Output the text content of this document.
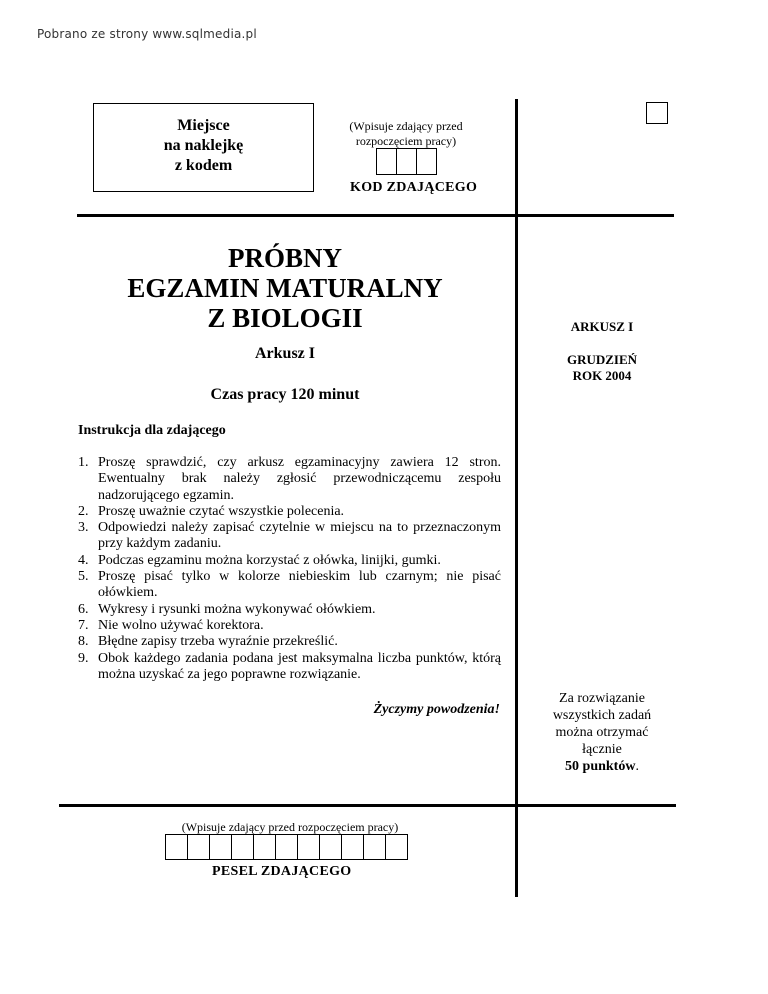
Pobrano ze strony www.sqlmedia.pl
Miejsce
na naklejkę
z kodem
(Wpisuje zdający przed
rozpoczęciem pracy)
KOD ZDAJĄCEGO
PRÓBNY
EGZAMIN MATURALNY
Z BIOLOGII
Arkusz I
Czas pracy 120 minut
Instrukcja dla zdającego
1. Proszę sprawdzić, czy arkusz egzaminacyjny zawiera 12 stron. Ewentualny brak należy zgłosić przewodniczącemu zespołu nadzorującego egzamin.
2. Proszę uważnie czytać wszystkie polecenia.
3. Odpowiedzi należy zapisać czytelnie w miejscu na to przeznaczonym przy każdym zadaniu.
4. Podczas egzaminu można korzystać z ołówka, linijki, gumki.
5. Proszę pisać tylko w kolorze niebieskim lub czarnym; nie pisać ołówkiem.
6. Wykresy i rysunki można wykonywać ołówkiem.
7. Nie wolno używać korektora.
8. Błędne zapisy trzeba wyraźnie przekreślić.
9. Obok każdego zadania podana jest maksymalna liczba punktów, którą można uzyskać za jego poprawne rozwiązanie.
Życzymy powodzenia!
ARKUSZ I
GRUDZIEŃ
ROK 2004
Za rozwiązanie
wszystkich zadań
można otrzymać
łącznie
50 punktów.
(Wpisuje zdający przed rozpoczęciem pracy)
PESEL ZDAJĄCEGO
